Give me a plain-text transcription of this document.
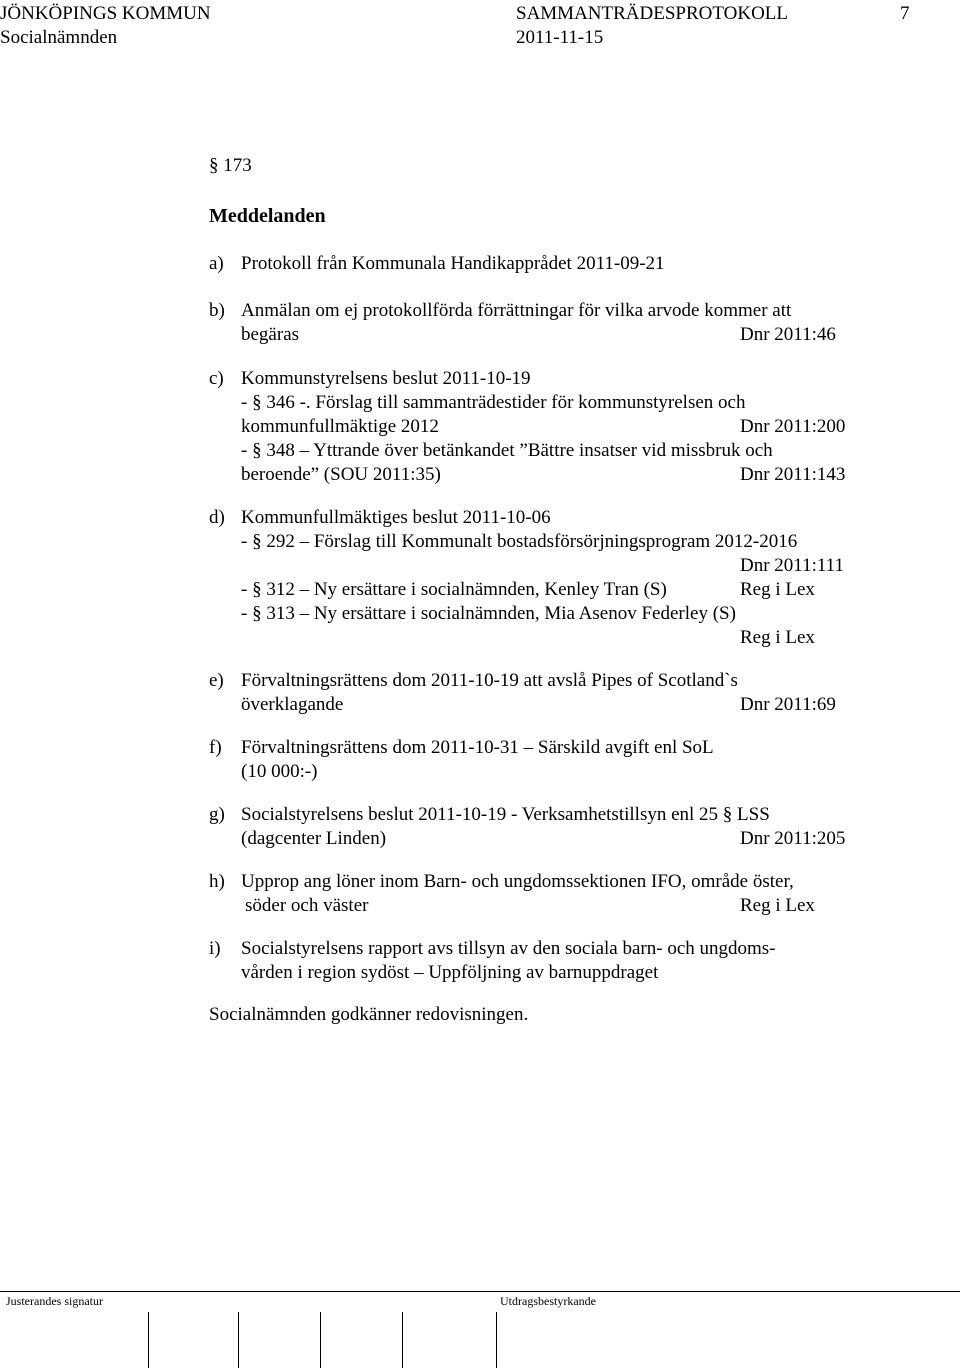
JÖNKÖPINGS KOMMUN	SAMMANTRÄDESPROTOKOLL	7
Socialnämnden	2011-11-15
§ 173
Meddelanden
a) Protokoll från Kommunala Handikapprådet 2011-09-21
b) Anmälan om ej protokollförda förrättningar för vilka arvode kommer att
begäras	Dnr 2011:46
c) Kommunstyrelsens beslut 2011-10-19
- § 346 -. Förslag till sammanträdestider för kommunstyrelsen och
kommunfullmäktige 2012	Dnr 2011:200
- § 348 – Yttrande över betänkandet ”Bättre insatser vid missbruk och
beroende” (SOU 2011:35)	Dnr 2011:143
d) Kommunfullmäktiges beslut 2011-10-06
- § 292 – Förslag till Kommunalt bostadsförsörjningsprogram 2012-2016
Dnr 2011:111
- § 312 – Ny ersättare i socialnämnden, Kenley Tran (S)	Reg i Lex
- § 313 – Ny ersättare i socialnämnden, Mia Asenov Federley (S)
Reg i Lex
e) Förvaltningsrättens dom 2011-10-19 att avslå Pipes of Scotland`s
överklagande	Dnr 2011:69
f) Förvaltningsrättens dom 2011-10-31 – Särskild avgift enl SoL
(10 000:-)
g) Socialstyrelsens beslut 2011-10-19 - Verksamhetstillsyn enl 25 § LSS
(dagcenter Linden)	Dnr 2011:205
h) Upprop ang löner inom Barn- och ungdomssektionen IFO, område öster,
söder och väster	Reg i Lex
i) Socialstyrelsens rapport avs tillsyn av den sociala barn- och ungdoms-
vården i region sydöst – Uppföljning av barnuppdraget
Socialnämnden godkänner redovisningen.
Justerandes signatur	Utdragsbestyrkande
